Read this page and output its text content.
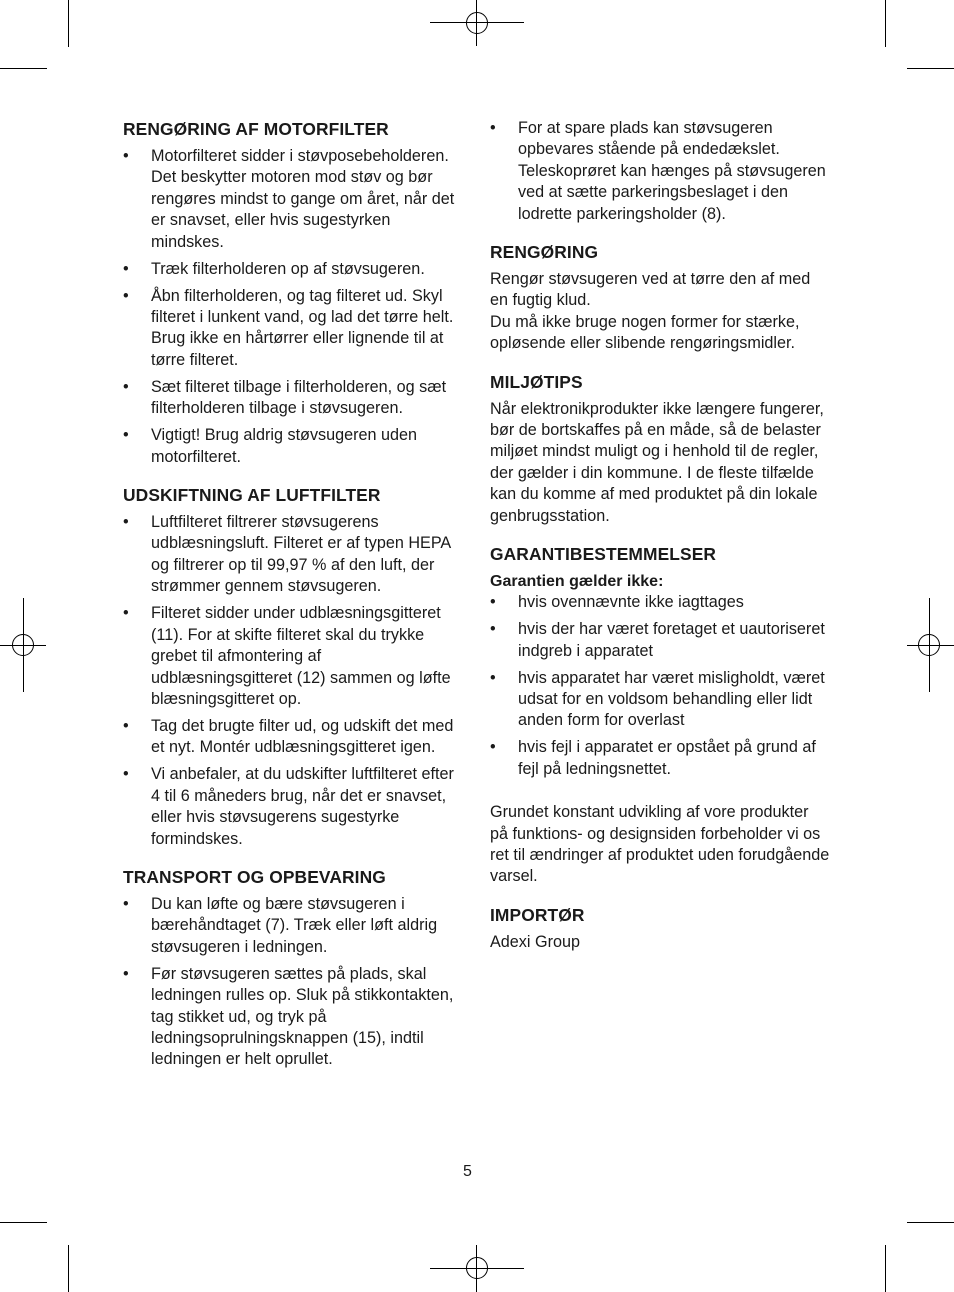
RENGØRING AF MOTORFILTER
• Motorfilteret sidder i støvposebeholderen. Det beskytter motoren mod støv og bør rengøres mindst to gange om året, når det er snavset, eller hvis sugestyrken mindskes.
• Træk filterholderen op af støvsugeren.
• Åbn filterholderen, og tag filteret ud. Skyl filteret i lunkent vand, og lad det tørre helt. Brug ikke en hårtørrer eller lignende til at tørre filteret.
• Sæt filteret tilbage i filterholderen, og sæt filterholderen tilbage i støvsugeren.
• Vigtigt! Brug aldrig støvsugeren uden motorfilteret.
UDSKIFTNING AF LUFTFILTER
• Luftfilteret filtrerer støvsugerens udblæsningsluft. Filteret er af typen HEPA og filtrerer op til 99,97 % af den luft, der strømmer gennem støvsugeren.
• Filteret sidder under udblæsningsgitteret (11). For at skifte filteret skal du trykke grebet til afmontering af udblæsningsgitteret (12) sammen og løfte blæsningsgitteret op.
• Tag det brugte filter ud, og udskift det med et nyt. Montér udblæsningsgitteret igen.
• Vi anbefaler, at du udskifter luftfilteret efter 4 til 6 måneders brug, når det er snavset, eller hvis støvsugerens sugestyrke formindskes.
TRANSPORT OG OPBEVARING
• Du kan løfte og bære støvsugeren i bærehåndtaget (7). Træk eller løft aldrig støvsugeren i ledningen.
• Før støvsugeren sættes på plads, skal ledningen rulles op. Sluk på stikkontakten, tag stikket ud, og tryk på ledningsoprulningsknappen (15), indtil ledningen er helt oprullet.
• For at spare plads kan støvsugeren opbevares stående på endedækslet. Teleskoprøret kan hænges på støvsugeren ved at sætte parkeringsbeslaget i den lodrette parkeringsholder (8).
RENGØRING

Rengør støvsugeren ved at tørre den af med en fugtig klud.

Du må ikke bruge nogen former for stærke, opløsende eller slibende rengøringsmidler.

MILJØTIPS

Når elektronikprodukter ikke længere fungerer, bør de bortskaffes på en måde, så de belaster miljøet mindst muligt og i henhold til de regler, der gælder i din kommune. I de fleste tilfælde kan du komme af med produktet på din lokale genbrugsstation.

GARANTIBESTEMMELSER

Garantien gælder ikke:

• hvis ovennævnte ikke iagttages
• hvis der har været foretaget et uautoriseret indgreb i apparatet
• hvis apparatet har været misligholdt, været udsat for en voldsom behandling eller lidt anden form for overlast
• hvis fejl i apparatet er opstået på grund af fejl på ledningsnettet.

Grundet konstant udvikling af vore produkter på funktions- og designsiden forbeholder vi os ret til ændringer af produktet uden forudgående varsel.

IMPORTØR

Adexi Group

5
